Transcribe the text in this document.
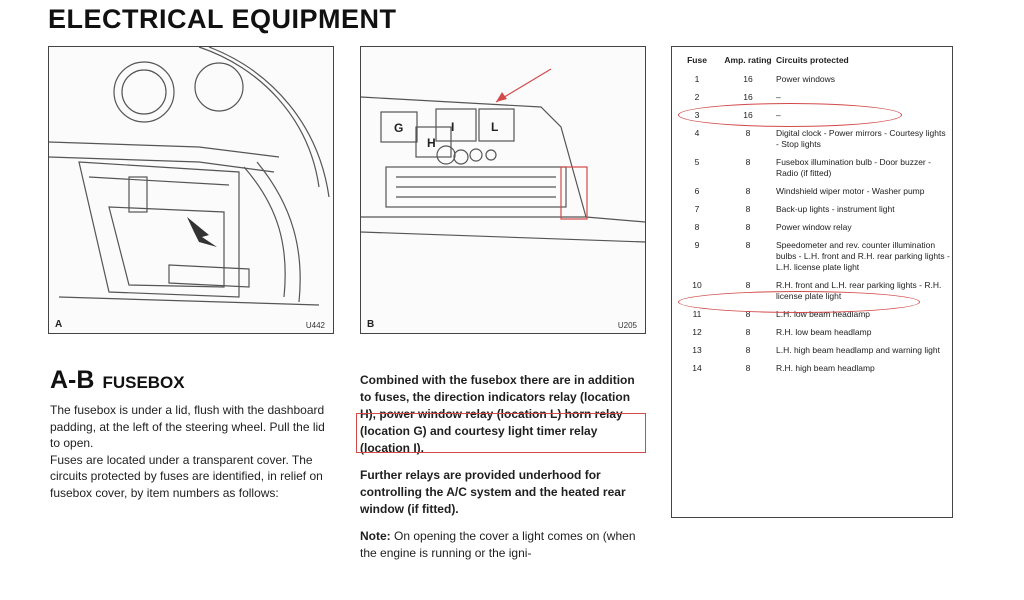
ELECTRICAL EQUIPMENT
A	U442
G	I	L
H
B	U205
A-B FUSEBOX

The fusebox is under a lid, flush with the dashboard padding, at the left of the steering wheel. Pull the lid to open.

Fuses are located under a transparent cover. The circuits protected by fuses are identified, in relief on fusebox cover, by item numbers as follows:

Combined with the fusebox there are in addition to fuses, the direction indicators relay (location H), power window relay (location L) horn relay (location G) and courtesy light timer relay (location I).

Further relays are provided underhood for controlling the A/C system and the heated rear window (if fitted).

Note: On opening the cover a light comes on (when the engine is running or the igni-

Fuse	Amp. rating	Circuits protected
1	16	Power windows
2	16	–
3	16	–
4	8	Digital clock - Power mirrors - Courtesy lights - Stop lights
5	8	Fusebox illumination bulb - Door buzzer - Radio (if fitted)
6	8	Windshield wiper motor - Washer pump
7	8	Back-up lights - instrument light
8	8	Power window relay
9	8	Speedometer and rev. counter illumination bulbs - L.H. front and R.H. rear parking lights - L.H. license plate light
10	8	R.H. front and L.H. rear parking lights - R.H. license plate light
11	8	L.H. low beam headlamp
12	8	R.H. low beam headlamp
13	8	L.H. high beam headlamp and warning light
14	8	R.H. high beam headlamp
